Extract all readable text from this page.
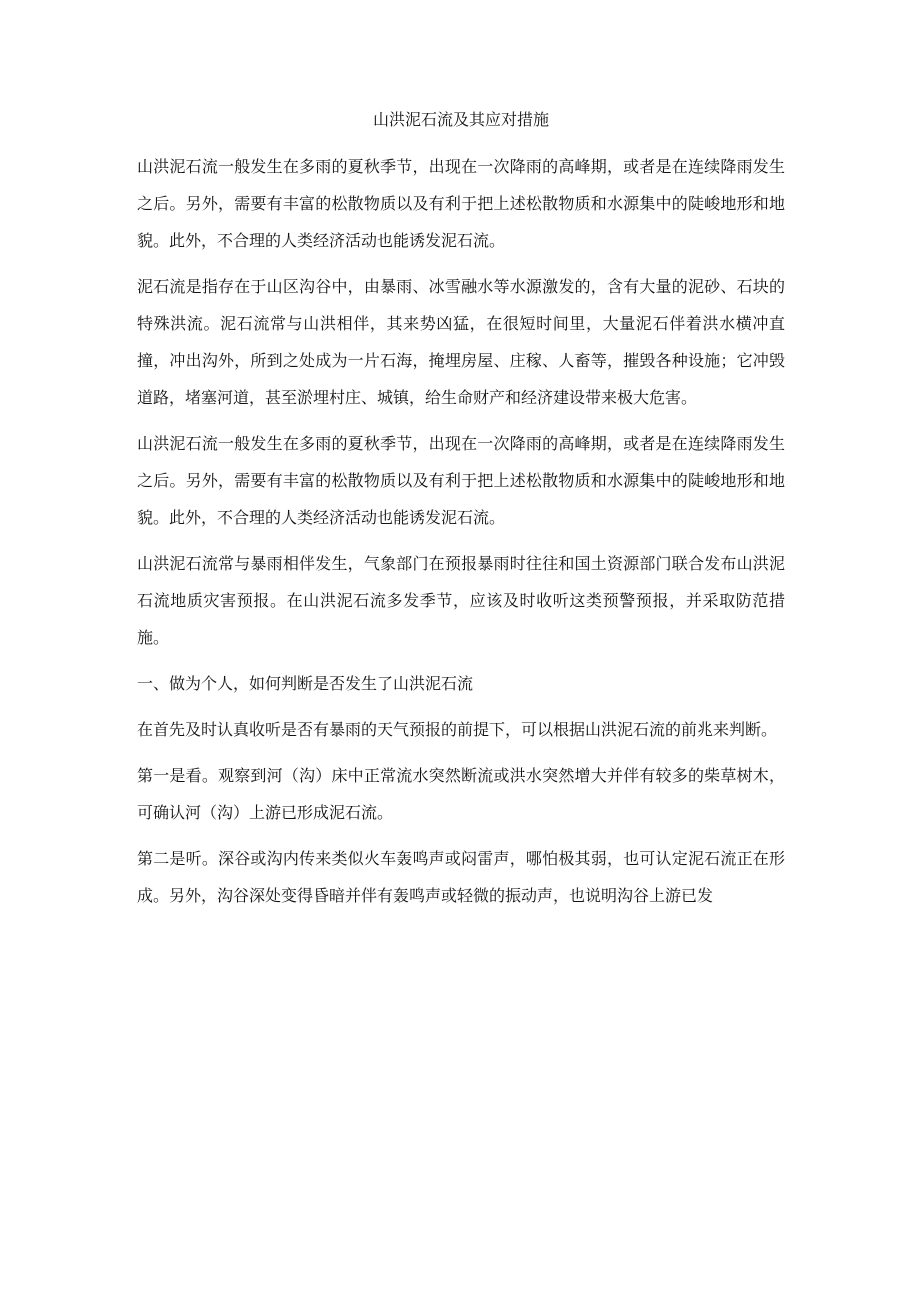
山洪泥石流及其应对措施

山洪泥石流一般发生在多雨的夏秋季节，出现在一次降雨的高峰期，或者是在连续降雨发生之后。另外，需要有丰富的松散物质以及有利于把上述松散物质和水源集中的陡峻地形和地貌。此外，不合理的人类经济活动也能诱发泥石流。

泥石流是指存在于山区沟谷中，由暴雨、冰雪融水等水源激发的，含有大量的泥砂、石块的特殊洪流。泥石流常与山洪相伴，其来势凶猛，在很短时间里，大量泥石伴着洪水横冲直撞，冲出沟外，所到之处成为一片石海，掩埋房屋、庄稼、人畜等，摧毁各种设施；它冲毁道路，堵塞河道，甚至淤埋村庄、城镇，给生命财产和经济建设带来极大危害。

山洪泥石流一般发生在多雨的夏秋季节，出现在一次降雨的高峰期，或者是在连续降雨发生之后。另外，需要有丰富的松散物质以及有利于把上述松散物质和水源集中的陡峻地形和地貌。此外，不合理的人类经济活动也能诱发泥石流。

山洪泥石流常与暴雨相伴发生，气象部门在预报暴雨时往往和国土资源部门联合发布山洪泥石流地质灾害预报。在山洪泥石流多发季节，应该及时收听这类预警预报，并采取防范措施。

一、做为个人，如何判断是否发生了山洪泥石流

在首先及时认真收听是否有暴雨的天气预报的前提下，可以根据山洪泥石流的前兆来判断。

第一是看。观察到河（沟）床中正常流水突然断流或洪水突然增大并伴有较多的柴草树木，可确认河（沟）上游已形成泥石流。

第二是听。深谷或沟内传来类似火车轰鸣声或闷雷声，哪怕极其弱，也可认定泥石流正在形成。另外，沟谷深处变得昏暗并伴有轰鸣声或轻微的振动声，也说明沟谷上游已发
